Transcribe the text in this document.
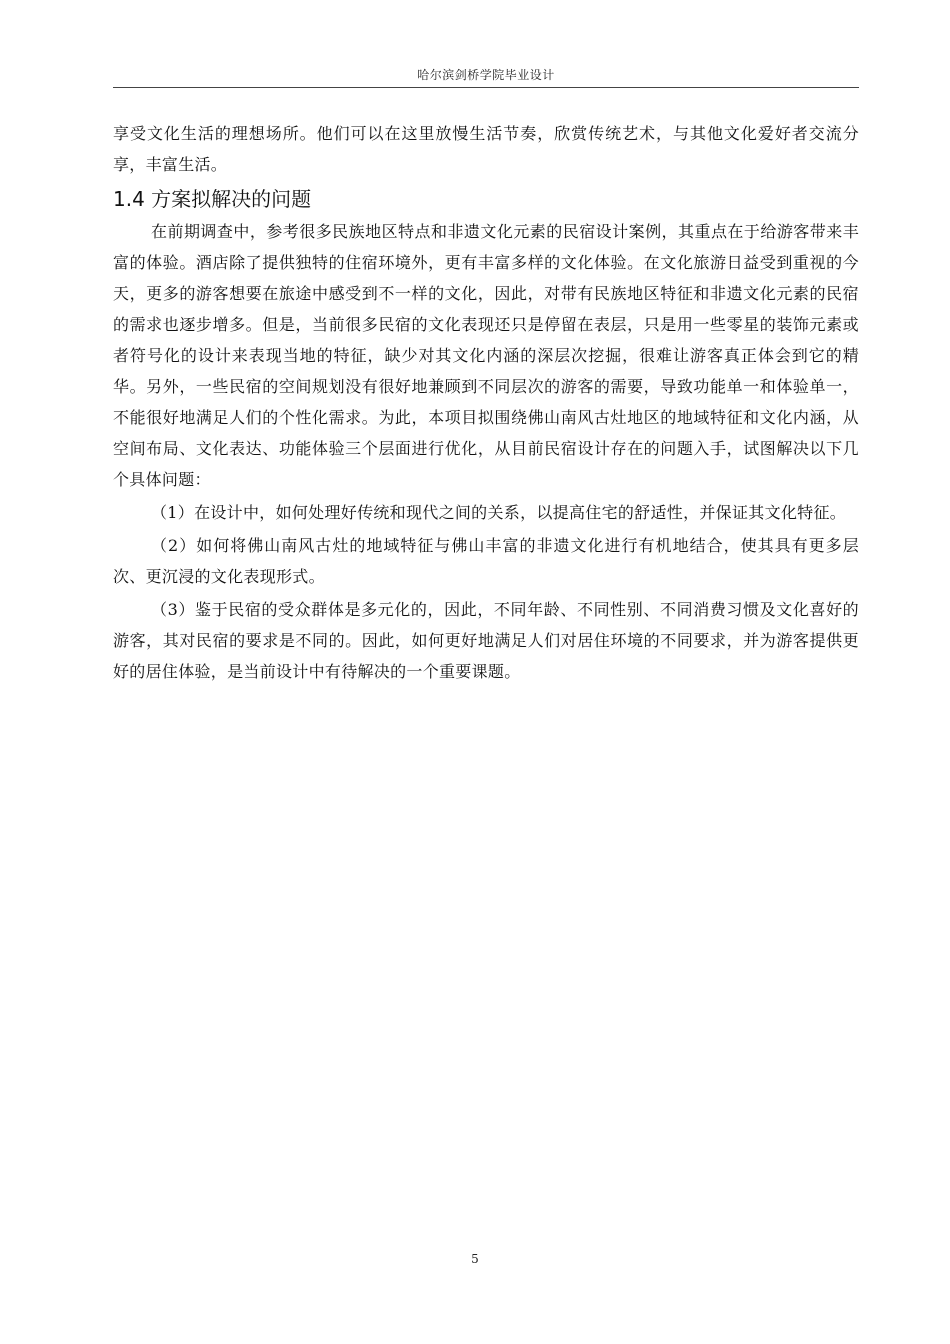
哈尔滨剑桥学院毕业设计

享受文化生活的理想场所。他们可以在这里放慢生活节奏，欣赏传统艺术，与其他文化爱好者交流分享，丰富生活。

1.4 方案拟解决的问题

在前期调查中，参考很多民族地区特点和非遗文化元素的民宿设计案例，其重点在于给游客带来丰富的体验。酒店除了提供独特的住宿环境外，更有丰富多样的文化体验。在文化旅游日益受到重视的今天，更多的游客想要在旅途中感受到不一样的文化，因此，对带有民族地区特征和非遗文化元素的民宿的需求也逐步增多。但是，当前很多民宿的文化表现还只是停留在表层，只是用一些零星的装饰元素或者符号化的设计来表现当地的特征，缺少对其文化内涵的深层次挖掘，很难让游客真正体会到它的精华。另外，一些民宿的空间规划没有很好地兼顾到不同层次的游客的需要，导致功能单一和体验单一，不能很好地满足人们的个性化需求。为此，本项目拟围绕佛山南风古灶地区的地域特征和文化内涵，从空间布局、文化表达、功能体验三个层面进行优化，从目前民宿设计存在的问题入手，试图解决以下几个具体问题：

（1）在设计中，如何处理好传统和现代之间的关系，以提高住宅的舒适性，并保证其文化特征。

（2）如何将佛山南风古灶的地域特征与佛山丰富的非遗文化进行有机地结合，使其具有更多层次、更沉浸的文化表现形式。

（3）鉴于民宿的受众群体是多元化的，因此，不同年龄、不同性别、不同消费习惯及文化喜好的游客，其对民宿的要求是不同的。因此，如何更好地满足人们对居住环境的不同要求，并为游客提供更好的居住体验，是当前设计中有待解决的一个重要课题。

5
